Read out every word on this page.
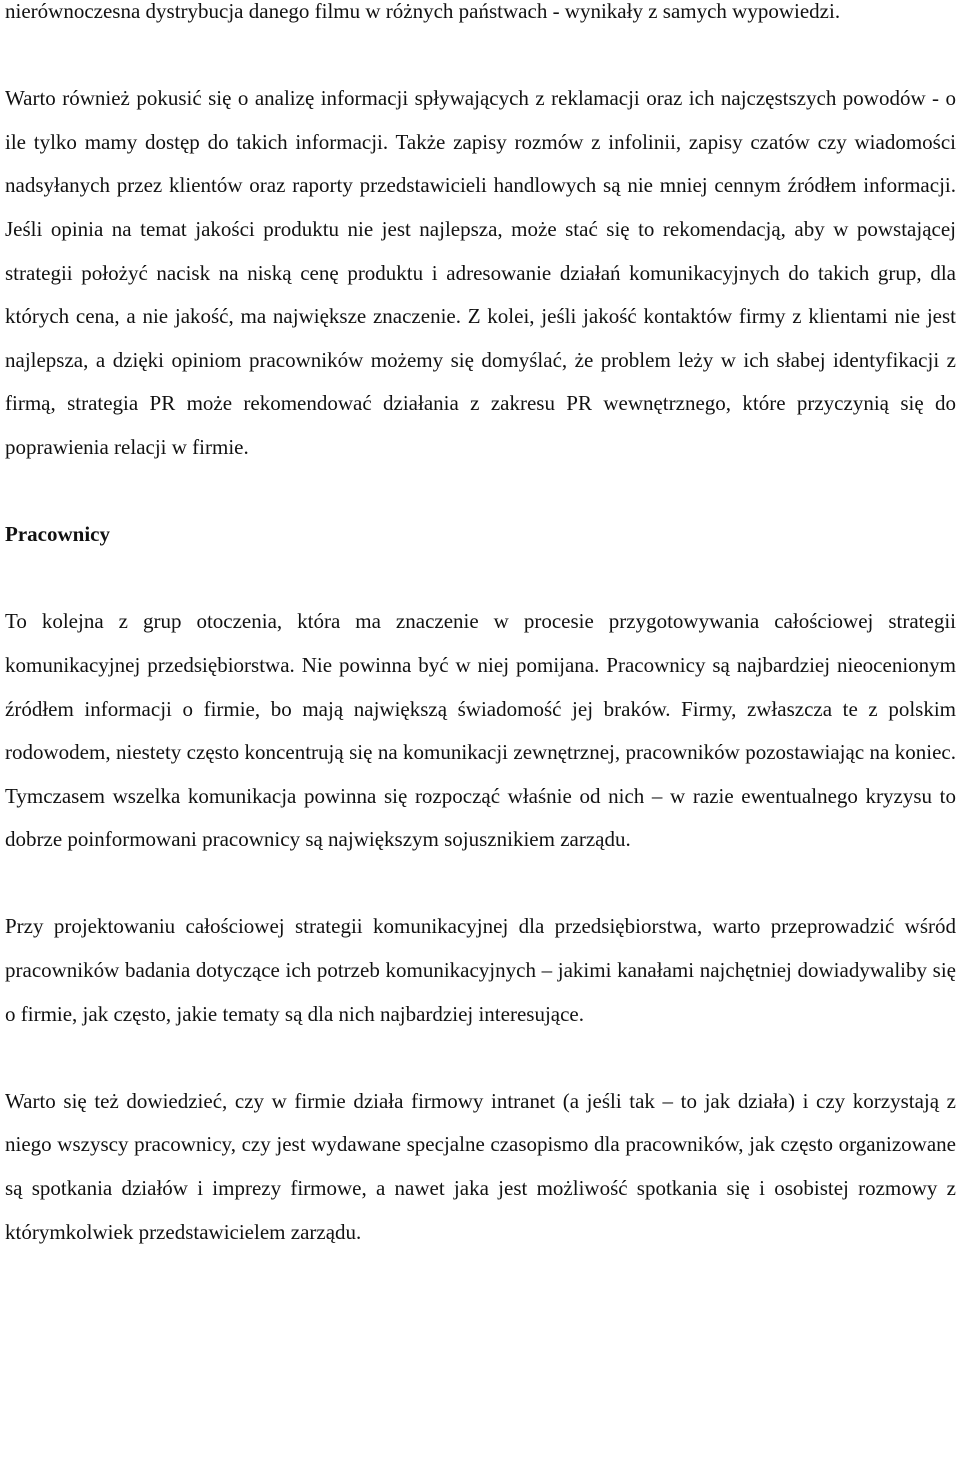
nierównoczesna dystrybucja danego filmu w różnych państwach - wynikały z samych wypowiedzi.

Warto również pokusić się o analizę informacji spływających z reklamacji oraz ich najczęstszych powodów - o ile tylko mamy dostęp do takich informacji. Także zapisy rozmów z infolinii, zapisy czatów czy wiadomości nadsyłanych przez klientów oraz raporty przedstawicieli handlowych są nie mniej cennym źródłem informacji. Jeśli opinia na temat jakości produktu nie jest najlepsza, może stać się to rekomendacją, aby w powstającej strategii położyć nacisk na niską cenę produktu i adresowanie działań komunikacyjnych do takich grup, dla których cena, a nie jakość, ma największe znaczenie. Z kolei, jeśli jakość kontaktów firmy z klientami nie jest najlepsza, a dzięki opiniom pracowników możemy się domyślać, że problem leży w ich słabej identyfikacji z firmą, strategia PR może rekomendować działania z zakresu PR wewnętrznego, które przyczynią się do poprawienia relacji w firmie.

Pracownicy

To kolejna z grup otoczenia, która ma znaczenie w procesie przygotowywania całościowej strategii komunikacyjnej przedsiębiorstwa. Nie powinna być w niej pomijana. Pracownicy są najbardziej nieocenionym źródłem informacji o firmie, bo mają największą świadomość jej braków. Firmy, zwłaszcza te z polskim rodowodem, niestety często koncentrują się na komunikacji zewnętrznej, pracowników pozostawiając na koniec. Tymczasem wszelka komunikacja powinna się rozpocząć właśnie od nich – w razie ewentualnego kryzysu to dobrze poinformowani pracownicy są największym sojusznikiem zarządu.

Przy projektowaniu całościowej strategii komunikacyjnej dla przedsiębiorstwa, warto przeprowadzić wśród pracowników badania dotyczące ich potrzeb komunikacyjnych – jakimi kanałami najchętniej dowiadywaliby się o firmie, jak często, jakie tematy są dla nich najbardziej interesujące.

Warto się też dowiedzieć, czy w firmie działa firmowy intranet (a jeśli tak – to jak działa) i czy korzystają z niego wszyscy pracownicy, czy jest wydawane specjalne czasopismo dla pracowników, jak często organizowane są spotkania działów i imprezy firmowe, a nawet jaka jest możliwość spotkania się i osobistej rozmowy z którymkolwiek przedstawicielem zarządu.
